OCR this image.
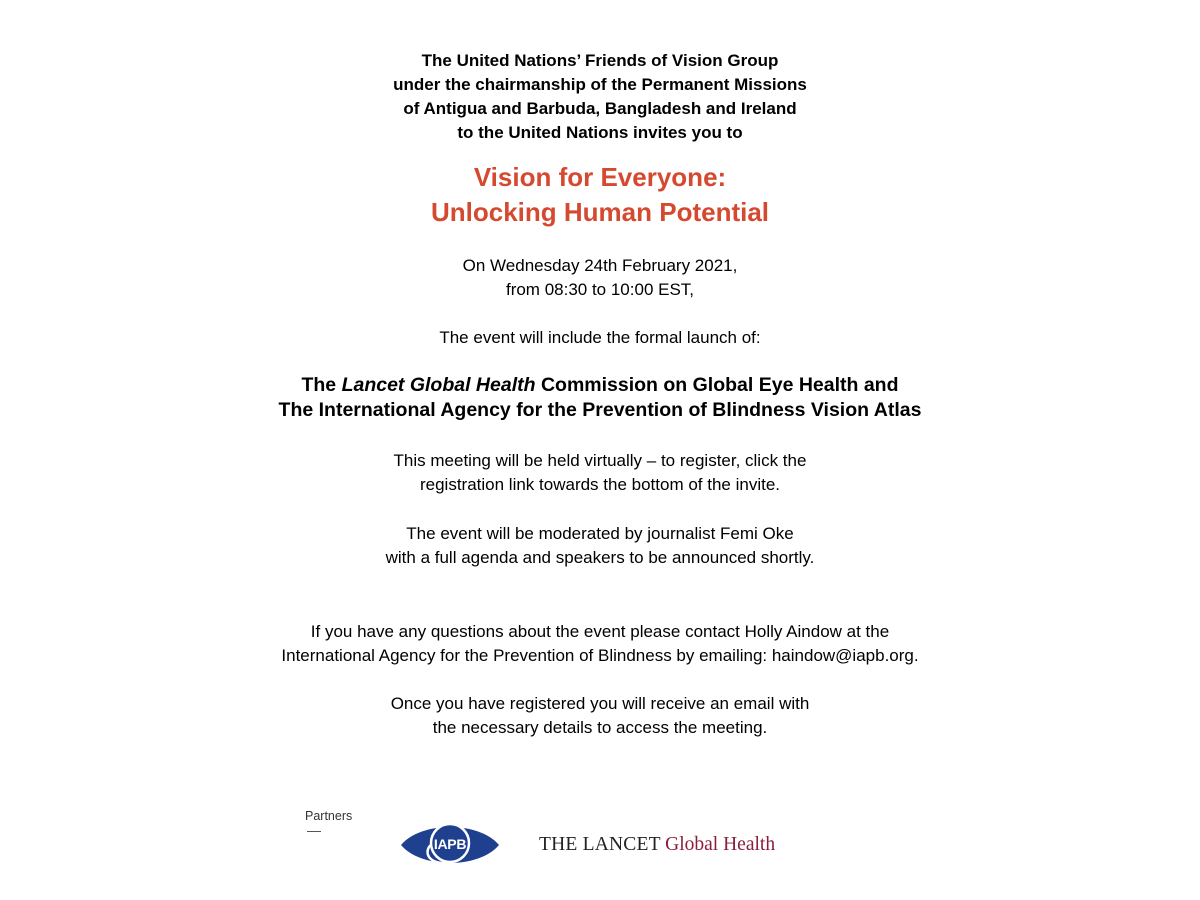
The United Nations’ Friends of Vision Group
under the chairmanship of the Permanent Missions
of Antigua and Barbuda, Bangladesh and Ireland
to the United Nations invites you to
Vision for Everyone:
Unlocking Human Potential
On Wednesday 24th February 2021,
from 08:30 to 10:00 EST,
The event will include the formal launch of:
The Lancet Global Health Commission on Global Eye Health and
The International Agency for the Prevention of Blindness Vision Atlas
This meeting will be held virtually – to register, click the
registration link towards the bottom of the invite.
The event will be moderated by journalist Femi Oke
with a full agenda and speakers to be announced shortly.
If you have any questions about the event please contact Holly Aindow at the
International Agency for the Prevention of Blindness by emailing: haindow@iapb.org.
Once you have registered you will receive an email with
the necessary details to access the meeting.
Partners
IAPB	THE LANCET Global Health
